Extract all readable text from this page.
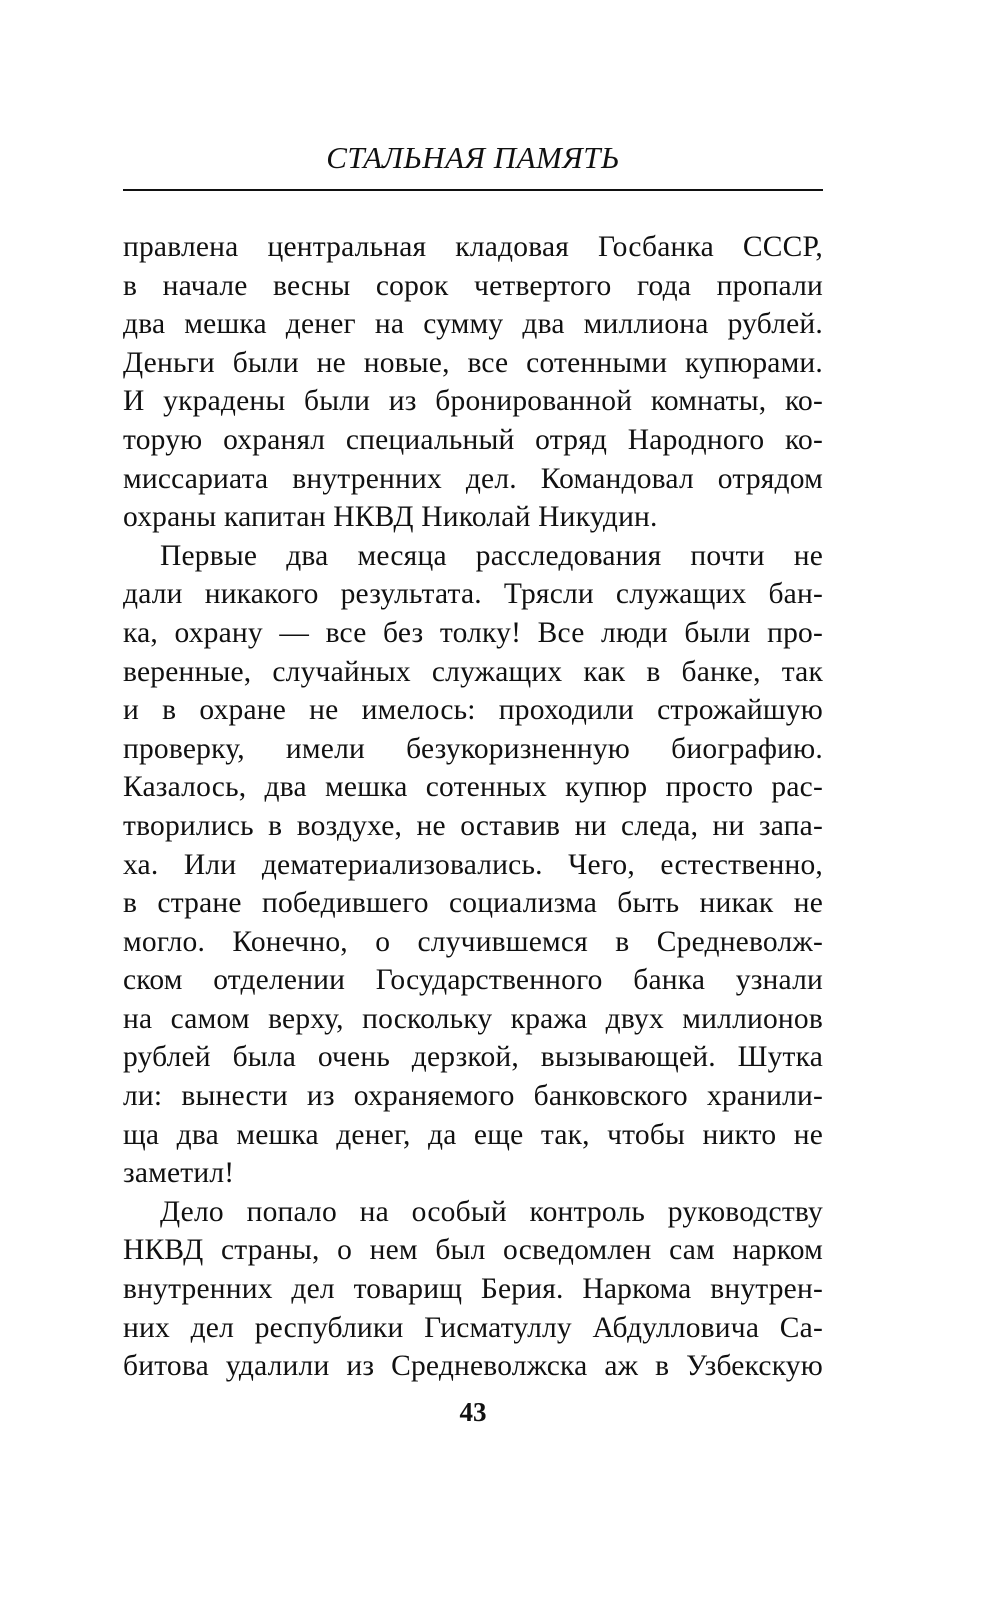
СТАЛЬНАЯ ПАМЯТЬ
правлена центральная кладовая Госбанка СССР,
в начале весны сорок четвертого года пропали
два мешка денег на сумму два миллиона рублей.
Деньги были не новые, все сотенными купюрами.
И украдены были из бронированной комнаты, ко-
торую охранял специальный отряд Народного ко-
миссариата внутренних дел. Командовал отрядом
охраны капитан НКВД Николай Никудин.
Первые два месяца расследования почти не
дали никакого результата. Трясли служащих бан-
ка, охрану — все без толку! Все люди были про-
веренные, случайных служащих как в банке, так
и в охране не имелось: проходили строжайшую
проверку, имели безукоризненную биографию.
Казалось, два мешка сотенных купюр просто рас-
творились в воздухе, не оставив ни следа, ни запа-
ха. Или дематериализовались. Чего, естественно,
в стране победившего социализма быть никак не
могло. Конечно, о случившемся в Средневолж-
ском отделении Государственного банка узнали
на самом верху, поскольку кража двух миллионов
рублей была очень дерзкой, вызывающей. Шутка
ли: вынести из охраняемого банковского хранили-
ща два мешка денег, да еще так, чтобы никто не
заметил!
Дело попало на особый контроль руководству
НКВД страны, о нем был осведомлен сам нарком
внутренних дел товарищ Берия. Наркома внутрен-
них дел республики Гисматуллу Абдулловича Са-
битова удалили из Средневолжска аж в Узбекскую
43
